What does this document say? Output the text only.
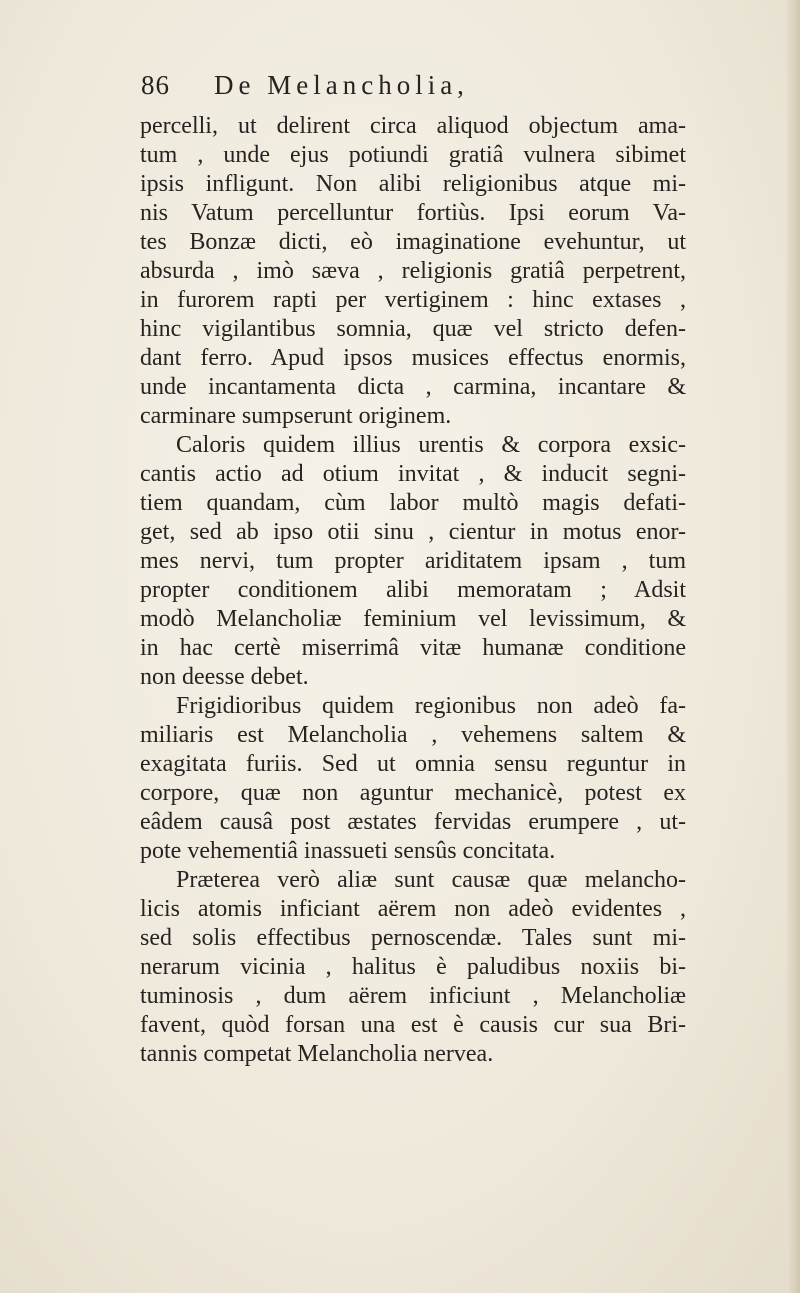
86 De Melancholia,
percelli, ut delirent circa aliquod objectum ama-
tum , unde ejus potiundi gratiâ vulnera sibimet
ipsis infligunt. Non alibi religionibus atque mi-
nis Vatum percelluntur fortiùs. Ipsi eorum Va-
tes Bonzæ dicti, eò imaginatione evehuntur, ut
absurda , imò sæva , religionis gratiâ perpetrent,
in furorem rapti per vertiginem : hinc extases ,
hinc vigilantibus somnia, quæ vel stricto defen-
dant ferro. Apud ipsos musices effectus enormis,
unde incantamenta dicta , carmina, incantare &
carminare sumpserunt originem.
Caloris quidem illius urentis & corpora exsic-
cantis actio ad otium invitat , & inducit segni-
tiem quandam, cùm labor multò magis defati-
get, sed ab ipso otii sinu , cientur in motus enor-
mes nervi, tum propter ariditatem ipsam , tum
propter conditionem alibi memoratam ; Adsit
modò Melancholiæ feminium vel levissimum, &
in hac certè miserrimâ vitæ humanæ conditione
non deesse debet.
Frigidioribus quidem regionibus non adeò fa-
miliaris est Melancholia , vehemens saltem &
exagitata furiis. Sed ut omnia sensu reguntur in
corpore, quæ non aguntur mechanicè, potest ex
eâdem causâ post æstates fervidas erumpere , ut-
pote vehementiâ inassueti sensûs concitata.
Præterea verò aliæ sunt causæ quæ melancho-
licis atomis inficiant aërem non adeò evidentes ,
sed solis effectibus pernoscendæ. Tales sunt mi-
nerarum vicinia , halitus è paludibus noxiis bi-
tuminosis , dum aërem inficiunt , Melancholiæ
favent, quòd forsan una est è causis cur sua Bri-
tannis competat Melancholia nervea.
